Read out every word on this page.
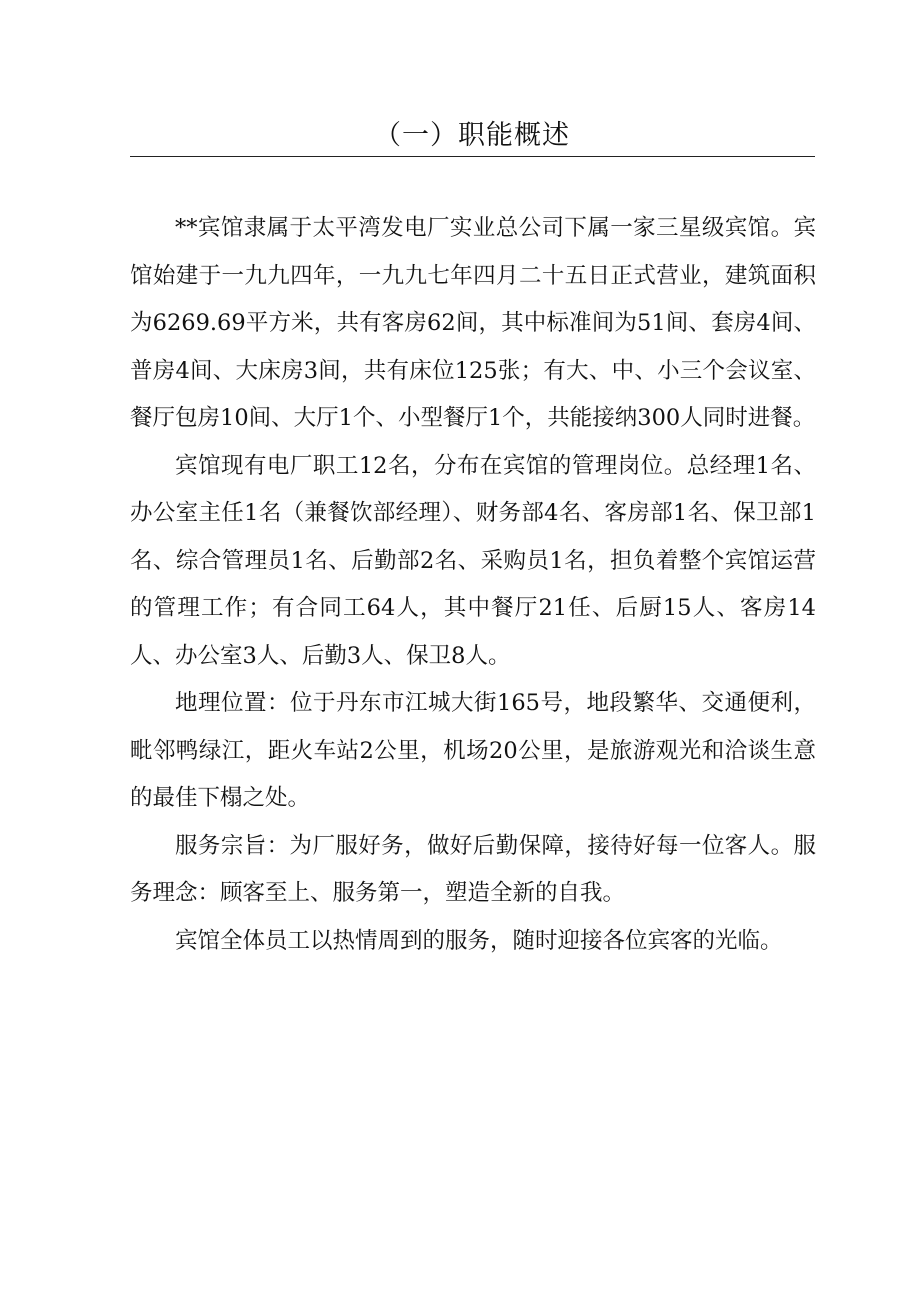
（一）职能概述

**宾馆隶属于太平湾发电厂实业总公司下属一家三星级宾馆。宾馆始建于一九九四年，一九九七年四月二十五日正式营业，建筑面积为6269.69平方米，共有客房62间，其中标准间为51间、套房4间、普房4间、大床房3间，共有床位125张；有大、中、小三个会议室、餐厅包房10间、大厅1个、小型餐厅1个，共能接纳300人同时进餐。

宾馆现有电厂职工12名，分布在宾馆的管理岗位。总经理1名、办公室主任1名（兼餐饮部经理）、财务部4名、客房部1名、保卫部1名、综合管理员1名、后勤部2名、采购员1名，担负着整个宾馆运营的管理工作；有合同工64人，其中餐厅21任、后厨15人、客房14人、办公室3人、后勤3人、保卫8人。

地理位置：位于丹东市江城大街165号，地段繁华、交通便利，毗邻鸭绿江，距火车站2公里，机场20公里，是旅游观光和洽谈生意的最佳下榻之处。

服务宗旨：为厂服好务，做好后勤保障，接待好每一位客人。服务理念：顾客至上、服务第一，塑造全新的自我。

宾馆全体员工以热情周到的服务，随时迎接各位宾客的光临。
